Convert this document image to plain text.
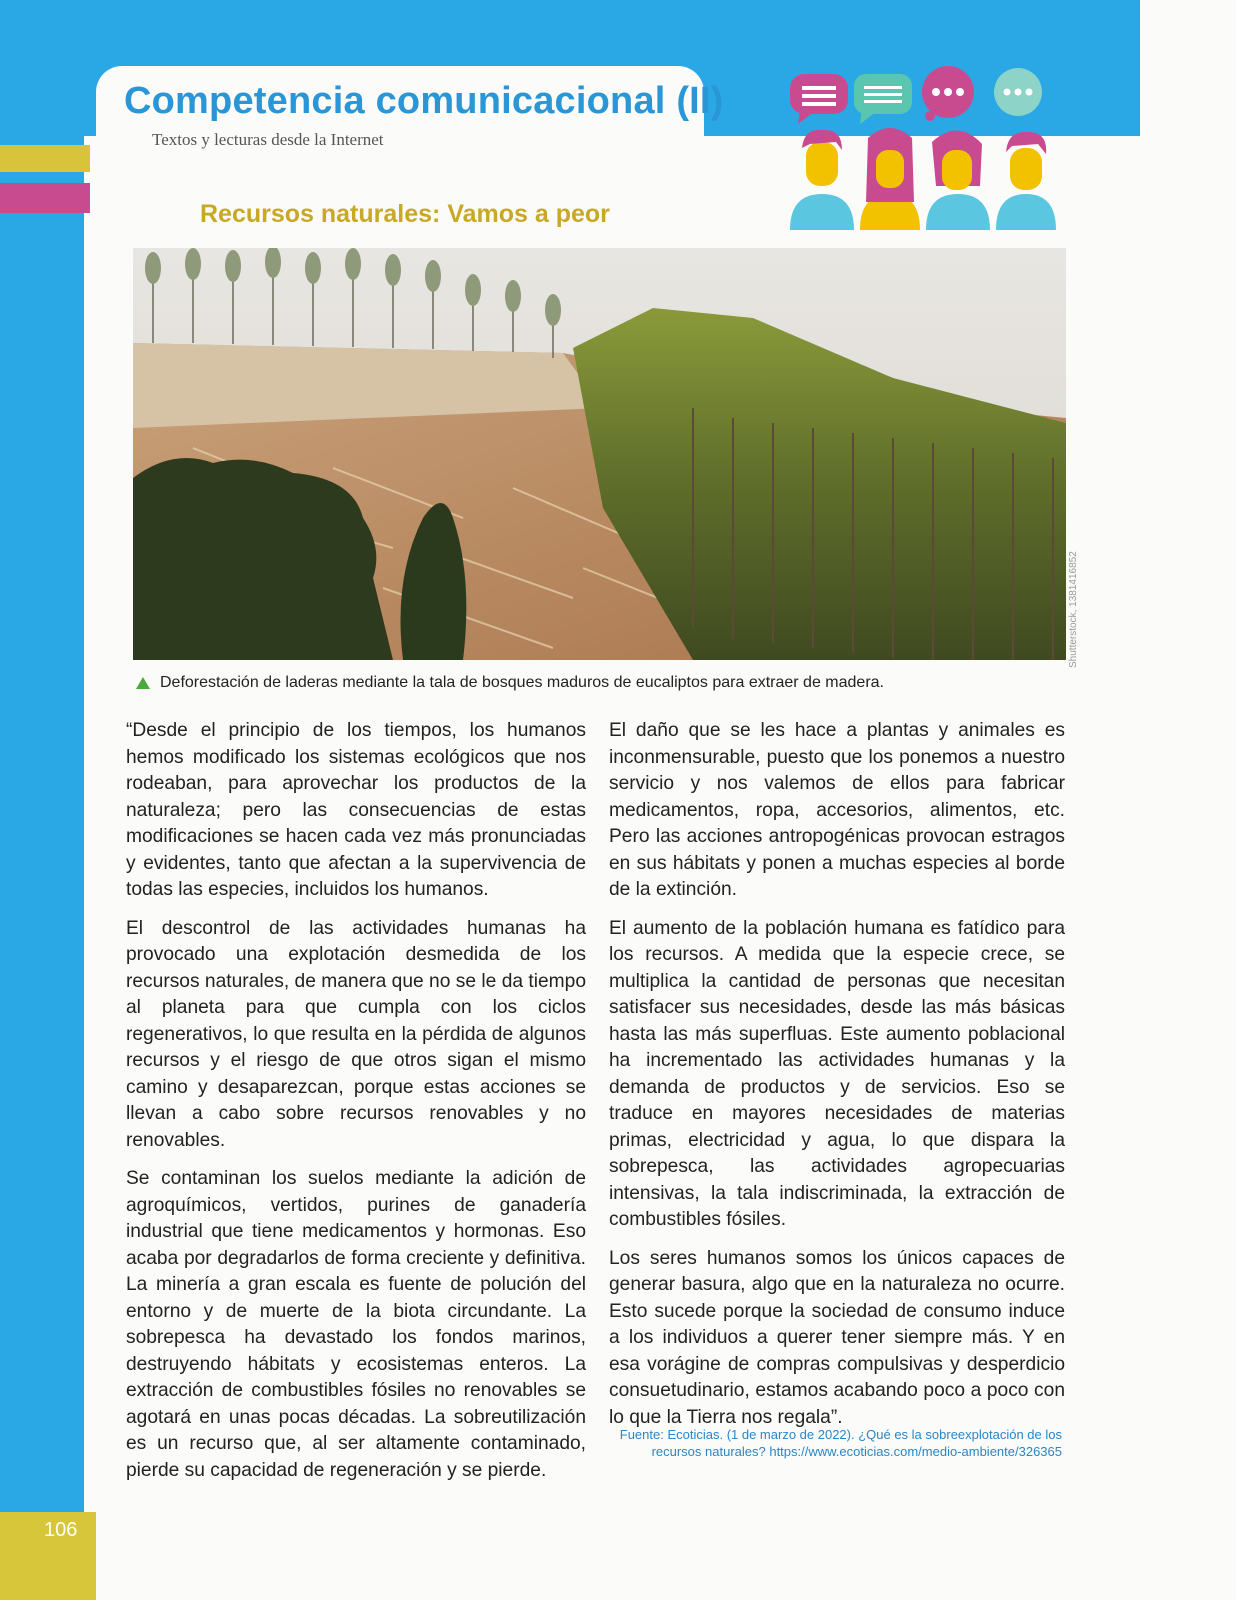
Competencia comunicacional (II)
Textos y lecturas desde la Internet
Recursos naturales: Vamos a peor
Shutterstock, 1381416852
Deforestación de laderas mediante la tala de bosques maduros de eucaliptos para extraer de madera.

“Desde el principio de los tiempos, los humanos hemos modificado los sistemas ecológicos que nos rodeaban, para aprovechar los productos de la naturaleza; pero las consecuencias de estas modificaciones se hacen cada vez más pronunciadas y evidentes, tanto que afectan a la supervivencia de todas las especies, incluidos los humanos.

El descontrol de las actividades humanas ha provocado una explotación desmedida de los recursos naturales, de manera que no se le da tiempo al planeta para que cumpla con los ciclos regenerativos, lo que resulta en la pérdida de algunos recursos y el riesgo de que otros sigan el mismo camino y desaparezcan, porque estas acciones se llevan a cabo sobre recursos renovables y no renovables.

Se contaminan los suelos mediante la adición de agroquímicos, vertidos, purines de ganadería industrial que tiene medicamentos y hormonas. Eso acaba por degradarlos de forma creciente y definitiva. La minería a gran escala es fuente de polución del entorno y de muerte de la biota circundante. La sobrepesca ha devastado los fondos marinos, destruyendo hábitats y ecosistemas enteros. La extracción de combustibles fósiles no renovables se agotará en unas pocas décadas. La sobreutilización es un recurso que, al ser altamente contaminado, pierde su capacidad de regeneración y se pierde.

El daño que se les hace a plantas y animales es inconmensurable, puesto que los ponemos a nuestro servicio y nos valemos de ellos para fabricar medicamentos, ropa, accesorios, alimentos, etc. Pero las acciones antropogénicas provocan estragos en sus hábitats y ponen a muchas especies al borde de la extinción.

El aumento de la población humana es fatídico para los recursos. A medida que la especie crece, se multiplica la cantidad de personas que necesitan satisfacer sus necesidades, desde las más básicas hasta las más superfluas. Este aumento poblacional ha incrementado las actividades humanas y la demanda de productos y de servicios. Eso se traduce en mayores necesidades de materias primas, electricidad y agua, lo que dispara la sobrepesca, las actividades agropecuarias intensivas, la tala indiscriminada, la extracción de combustibles fósiles.

Los seres humanos somos los únicos capaces de generar basura, algo que en la naturaleza no ocurre. Esto sucede porque la sociedad de consumo induce a los individuos a querer tener siempre más. Y en esa vorágine de compras compulsivas y desperdicio consuetudinario, estamos acabando poco a poco con lo que la Tierra nos regala”.

Fuente: Ecoticias. (1 de marzo de 2022). ¿Qué es la sobreexplotación de los recursos naturales? https://www.ecoticias.com/medio-ambiente/326365
106
